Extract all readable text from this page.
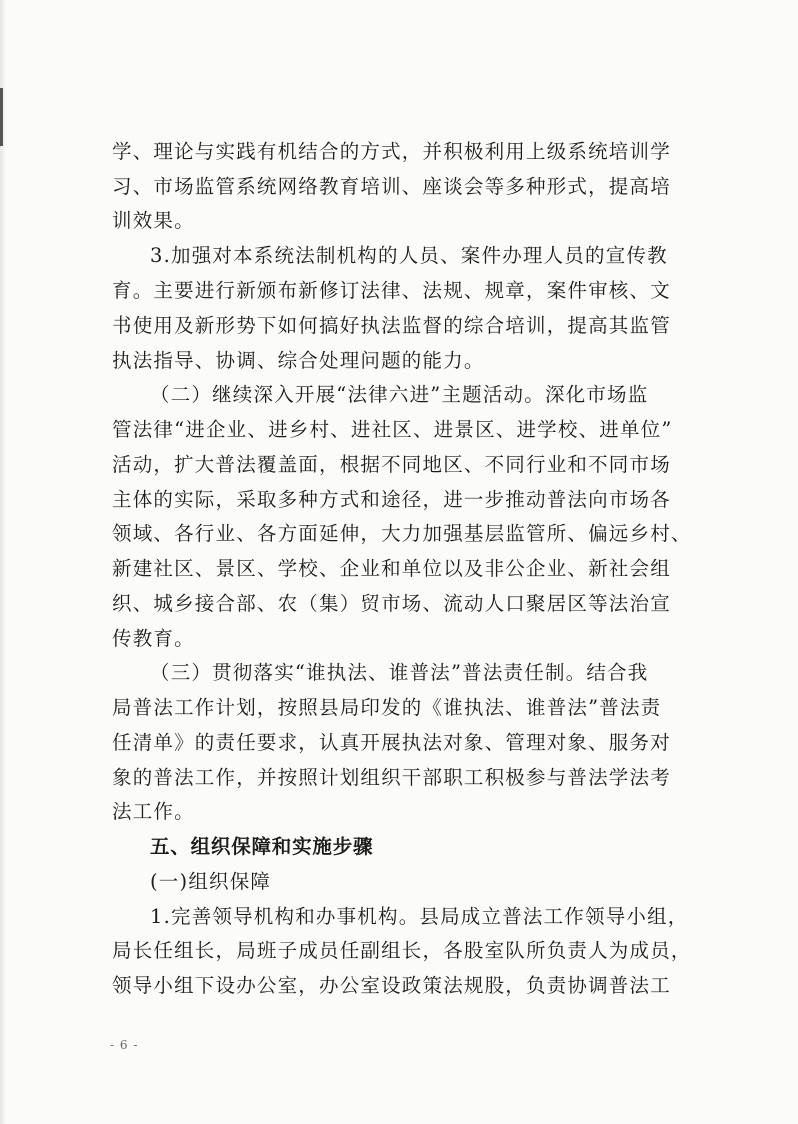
学、理论与实践有机结合的方式，并积极利用上级系统培训学
习、市场监管系统网络教育培训、座谈会等多种形式，提高培
训效果。
3.加强对本系统法制机构的人员、案件办理人员的宣传教
育。主要进行新颁布新修订法律、法规、规章，案件审核、文
书使用及新形势下如何搞好执法监督的综合培训，提高其监管
执法指导、协调、综合处理问题的能力。
（二）继续深入开展“法律六进”主题活动。深化市场监
管法律“进企业、进乡村、进社区、进景区、进学校、进单位”
活动，扩大普法覆盖面，根据不同地区、不同行业和不同市场
主体的实际，采取多种方式和途径，进一步推动普法向市场各
领域、各行业、各方面延伸，大力加强基层监管所、偏远乡村、
新建社区、景区、学校、企业和单位以及非公企业、新社会组
织、城乡接合部、农（集）贸市场、流动人口聚居区等法治宣
传教育。
（三）贯彻落实“谁执法、谁普法”普法责任制。结合我
局普法工作计划，按照县局印发的《谁执法、谁普法”普法责
任清单》的责任要求，认真开展执法对象、管理对象、服务对
象的普法工作，并按照计划组织干部职工积极参与普法学法考
法工作。
五、组织保障和实施步骤
(一)组织保障
1.完善领导机构和办事机构。县局成立普法工作领导小组，
局长任组长，局班子成员任副组长，各股室队所负责人为成员，
领导小组下设办公室，办公室设政策法规股，负责协调普法工
- 6 -
